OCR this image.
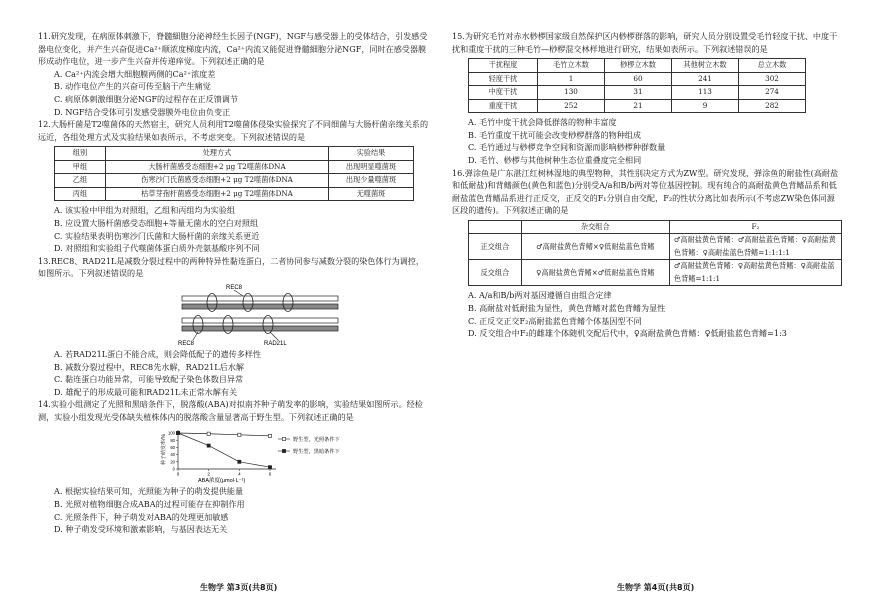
11.研究发现，在病原体刺激下，脊髓細胞分泌神经生长因子(NGF)，NGF与感受器上的受体结合，引发感受器电位变化，并产生兴奋促进Ca²⁺顺浓度梯度内流，Ca²⁺内流又能促进脊髓細胞分泌NGF，同时在感受器膜形成动作电位，进一步产生兴奋并传递痒觉。下列叙述正确的是

A. Ca²⁺内流会增大细胞膜两侧的Ca²⁺浓度差

B. 动作电位产生的兴奋可传至脑干产生痛觉

C. 病原体刺激细胞分泌NGF的过程存在正反馈调节

D. NGF结合受体可引发感受器膜外电位由负变正

12.大肠杆菌是T2噬菌体的天然宿主，研究人员利用T2噬菌体侵染实验探究了不同细菌与大肠杆菌亲缘关系的远近，各组处理方式及实验结果如表所示，不考虑突变。下列叙述错误的是

组别	处理方式	实验结果
甲组	大肠杆菌感受态细胞+2 μg T2噬菌体DNA	出现明显噬菌斑
乙组	伤寒沙门氏菌感受态细胞+2 μg T2噬菌体DNA	出现少量噬菌斑
丙组	枯草芽孢杆菌感受态细胞+2 μg T2噬菌体DNA	无噬菌斑

A. 该实验中甲组为对照组，乙组和丙组均为实验组

B. 应设置大肠杆菌感受态细胞+等量无菌水的空白对照组

C. 实验结果表明伤寒沙门氏菌和大肠杆菌的亲缘关系更近

D. 对照组和实验组子代噬菌体蛋白质外壳氨基酸序列不同

13.REC8、RAD21L是减数分裂过程中的两种特异性黏连蛋白，二者协同参与减数分裂的染色体行为调控，如图所示。下列叙述错误的是

REC8
REC8	RAD21L

A. 若RAD21L蛋白不能合成，则会降低配子的遗传多样性

B. 减数分裂过程中，REC8先水解，RAD21L后水解

C. 黏连蛋白功能异常，可能导致配子染色体数目异常

D. 雄配子的形成最可能和RAD21L未正常水解有关

14.实验小组测定了光照和黑暗条件下，脱落酸(ABA)对拟南芥种子萌发率的影响，实验结果如图所示。经检测，实验小组发现光受体缺失植株体内的脱落酸含量显著高于野生型。下列叙述正确的是

0
20
40
60
80
100
0	2	4	6
野生型，光照条件下
野生型，黑暗条件下
种子萌发率/%
ABA浓度(μmol·L⁻¹)

A. 根据实验结果可知，光照能为种子的萌发提供能量

B. 光照对植物细胞合成ABA的过程可能存在抑制作用

C. 光照条件下，种子萌发对ABA的处理更加敏感

D. 种子萌发受环境和激素影响，与基因表达无关

15.为研究毛竹对赤水桫椤国家级自然保护区内桫椤群落的影响，研究人员分别设置受毛竹轻度干扰、中度干扰和重度干扰的三种毛竹—桫椤混交林样地进行研究，结果如表所示。下列叙述错误的是

干扰程度	毛竹立木数	桫椤立木数	其他树立木数	总立木数
轻度干扰	1	60	241	302
中度干扰	130	31	113	274
重度干扰	252	21	9	282

A. 毛竹中度干扰会降低群落的物种丰富度

B. 毛竹重度干扰可能会改变桫椤群落的物种组成

C. 毛竹通过与桫椤竞争空间和资源而影响桫椤种群数量

D. 毛竹、桫椤与其他树种生态位重叠度完全相同

16.弹涂鱼是广东湛江红树林湿地的典型物种，其性别决定方式为ZW型。研究发现，弹涂鱼的耐盐性(高耐盐和低耐盐)和背鳍颜色(黄色和蓝色)分别受A/a和B/b两对等位基因控制。现有纯合的高耐盐黄色背鳍品系和低耐盐蓝色背鳍品系进行正反交，正反交的F₁分别自由交配，F₂的性状分离比如表所示(不考虑ZW染色体同源区段的遗传)。下列叙述正确的是

	杂交组合	F₂
正交组合	♂高耐盐黄色背鳍×♀低耐盐蓝色背鳍	♂高耐盐黄色背鳍：♂高耐盐蓝色背鳍：♀高耐盐黄色背鳍：♀高耐盐蓝色背鳍=1:1:1:1
反交组合	♀高耐盐黄色背鳍×♂低耐盐蓝色背鳍	♂高耐盐黄色背鳍：♀高耐盐黄色背鳍：♀高耐盐蓝色背鳍=1:1:1

A. A/a和B/b两对基因遵循自由组合定律

B. 高耐盐对低耐盐为显性，黄色背鳍对蓝色背鳍为显性

C. 正反交正交F₂高耐盐蓝色背鳍个体基因型不同

D. 反交组合中F₂的雌雄个体随机交配后代中，♀高耐盐黄色背鳍：♀低耐盐蓝色背鳍=1:3

生物学 第3页(共8页)	生物学 第4页(共8页)
